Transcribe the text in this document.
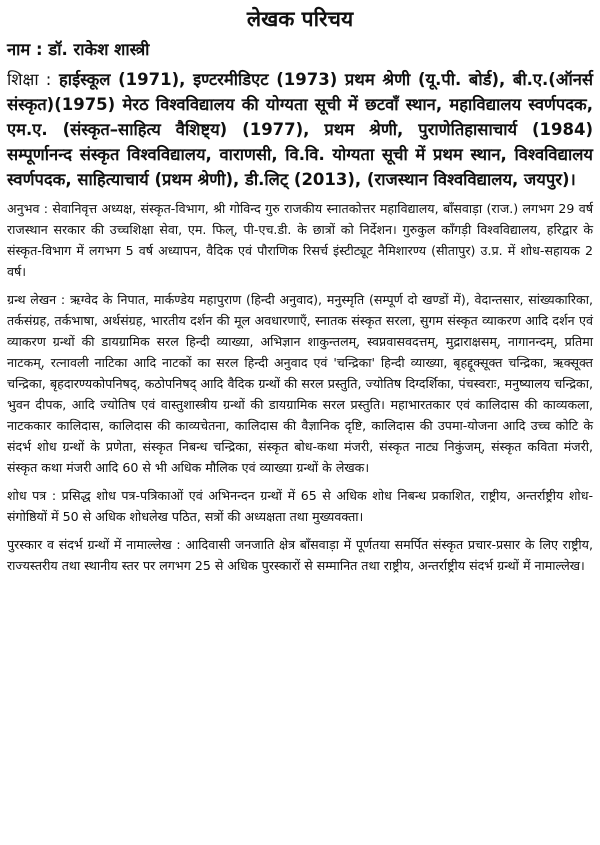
लेखक परिचय
नाम : डॉ. राकेश शास्त्री

शिक्षा : हाईस्कूल (1971), इण्टरमीडिएट (1973) प्रथम श्रेणी (यू.पी. बोर्ड), बी.ए.(ऑनर्स संस्कृत)(1975) मेरठ विश्वविद्यालय की योग्यता सूची में छटवाँ स्थान, महाविद्यालय स्वर्णपदक, एम.ए. (संस्कृत–साहित्य वैशिष्ट्य) (1977), प्रथम श्रेणी, पुराणेतिहासाचार्य (1984) सम्पूर्णानन्द संस्कृत विश्वविद्यालय, वाराणसी, वि.वि. योग्यता सूची में प्रथम स्थान, विश्वविद्यालय स्वर्णपदक, साहित्याचार्य (प्रथम श्रेणी), डी.लिट् (2013), (राजस्थान विश्वविद्यालय, जयपुर)।

अनुभव : सेवानिवृत्त अध्यक्ष, संस्कृत-विभाग, श्री गोविन्द गुरु राजकीय स्नातकोत्तर महाविद्यालय, बाँसवाड़ा (राज.) लगभग 29 वर्ष राजस्थान सरकार की उच्चशिक्षा सेवा, एम. फिल्, पी-एच.डी. के छात्रों को निर्देशन। गुरुकुल काँगड़ी विश्वविद्यालय, हरिद्वार के संस्कृत-विभाग में लगभग 5 वर्ष अध्यापन, वैदिक एवं पौराणिक रिसर्च इंस्टीट्यूट नैमिशारण्य (सीतापुर) उ.प्र. में शोध-सहायक 2 वर्ष।

ग्रन्थ लेखन : ऋग्वेद के निपात, मार्कण्डेय महापुराण (हिन्दी अनुवाद), मनुस्मृति (सम्पूर्ण दो खण्डों में), वेदान्तसार, सांख्यकारिका, तर्कसंग्रह, तर्कभाषा, अर्थसंग्रह, भारतीय दर्शन की मूल अवधारणाएँ, स्नातक संस्कृत सरला, सुगम संस्कृत व्याकरण आदि दर्शन एवं व्याकरण ग्रन्थों की डायग्रामिक सरल हिन्दी व्याख्या, अभिज्ञान शाकुन्तलम्, स्वप्नवासवदत्तम्, मुद्राराक्षसम्, नागानन्दम्, प्रतिमा नाटकम्, रत्नावली नाटिका आदि नाटकों का सरल हिन्दी अनुवाद एवं 'चन्द्रिका' हिन्दी व्याख्या, बृहद्दूक्सूक्त चन्द्रिका, ऋक्सूक्त चन्द्रिका, बृहदारण्यकोपनिषद्, कठोपनिषद् आदि वैदिक ग्रन्थों की सरल प्रस्तुति, ज्योतिष दिग्दर्शिका, पंचस्वराः, मनुष्यालय चन्द्रिका, भुवन दीपक, आदि ज्योतिष एवं वास्तुशास्त्रीय ग्रन्थों की डायग्रामिक सरल प्रस्तुति। महाभारतकार एवं कालिदास की काव्यकला, नाटककार कालिदास, कालिदास की काव्यचेतना, कालिदास की वैज्ञानिक दृष्टि, कालिदास की उपमा-योजना आदि उच्च कोटि के संदर्भ शोध ग्रन्थों के प्रणेता, संस्कृत निबन्ध चन्द्रिका, संस्कृत बोध-कथा मंजरी, संस्कृत नाट्य निकुंजम्, संस्कृत कविता मंजरी, संस्कृत कथा मंजरी आदि 60 से भी अधिक मौलिक एवं व्याख्या ग्रन्थों के लेखक।

शोध पत्र : प्रसिद्ध शोध पत्र-पत्रिकाओं एवं अभिनन्दन ग्रन्थों में 65 से अधिक शोध निबन्ध प्रकाशित, राष्ट्रीय, अन्तर्राष्ट्रीय शोध-संगोष्ठियों में 50 से अधिक शोधलेख पठित, सत्रों की अध्यक्षता तथा मुख्यवक्ता।

पुरस्कार व संदर्भ ग्रन्थों में नामाल्लेख : आदिवासी जनजाति क्षेत्र बाँसवाड़ा में पूर्णतया समर्पित संस्कृत प्रचार-प्रसार के लिए राष्ट्रीय, राज्यस्तरीय तथा स्थानीय स्तर पर लगभग 25 से अधिक पुरस्कारों से सम्मानित तथा राष्ट्रीय, अन्तर्राष्ट्रीय संदर्भ ग्रन्थों में नामाल्लेख।
